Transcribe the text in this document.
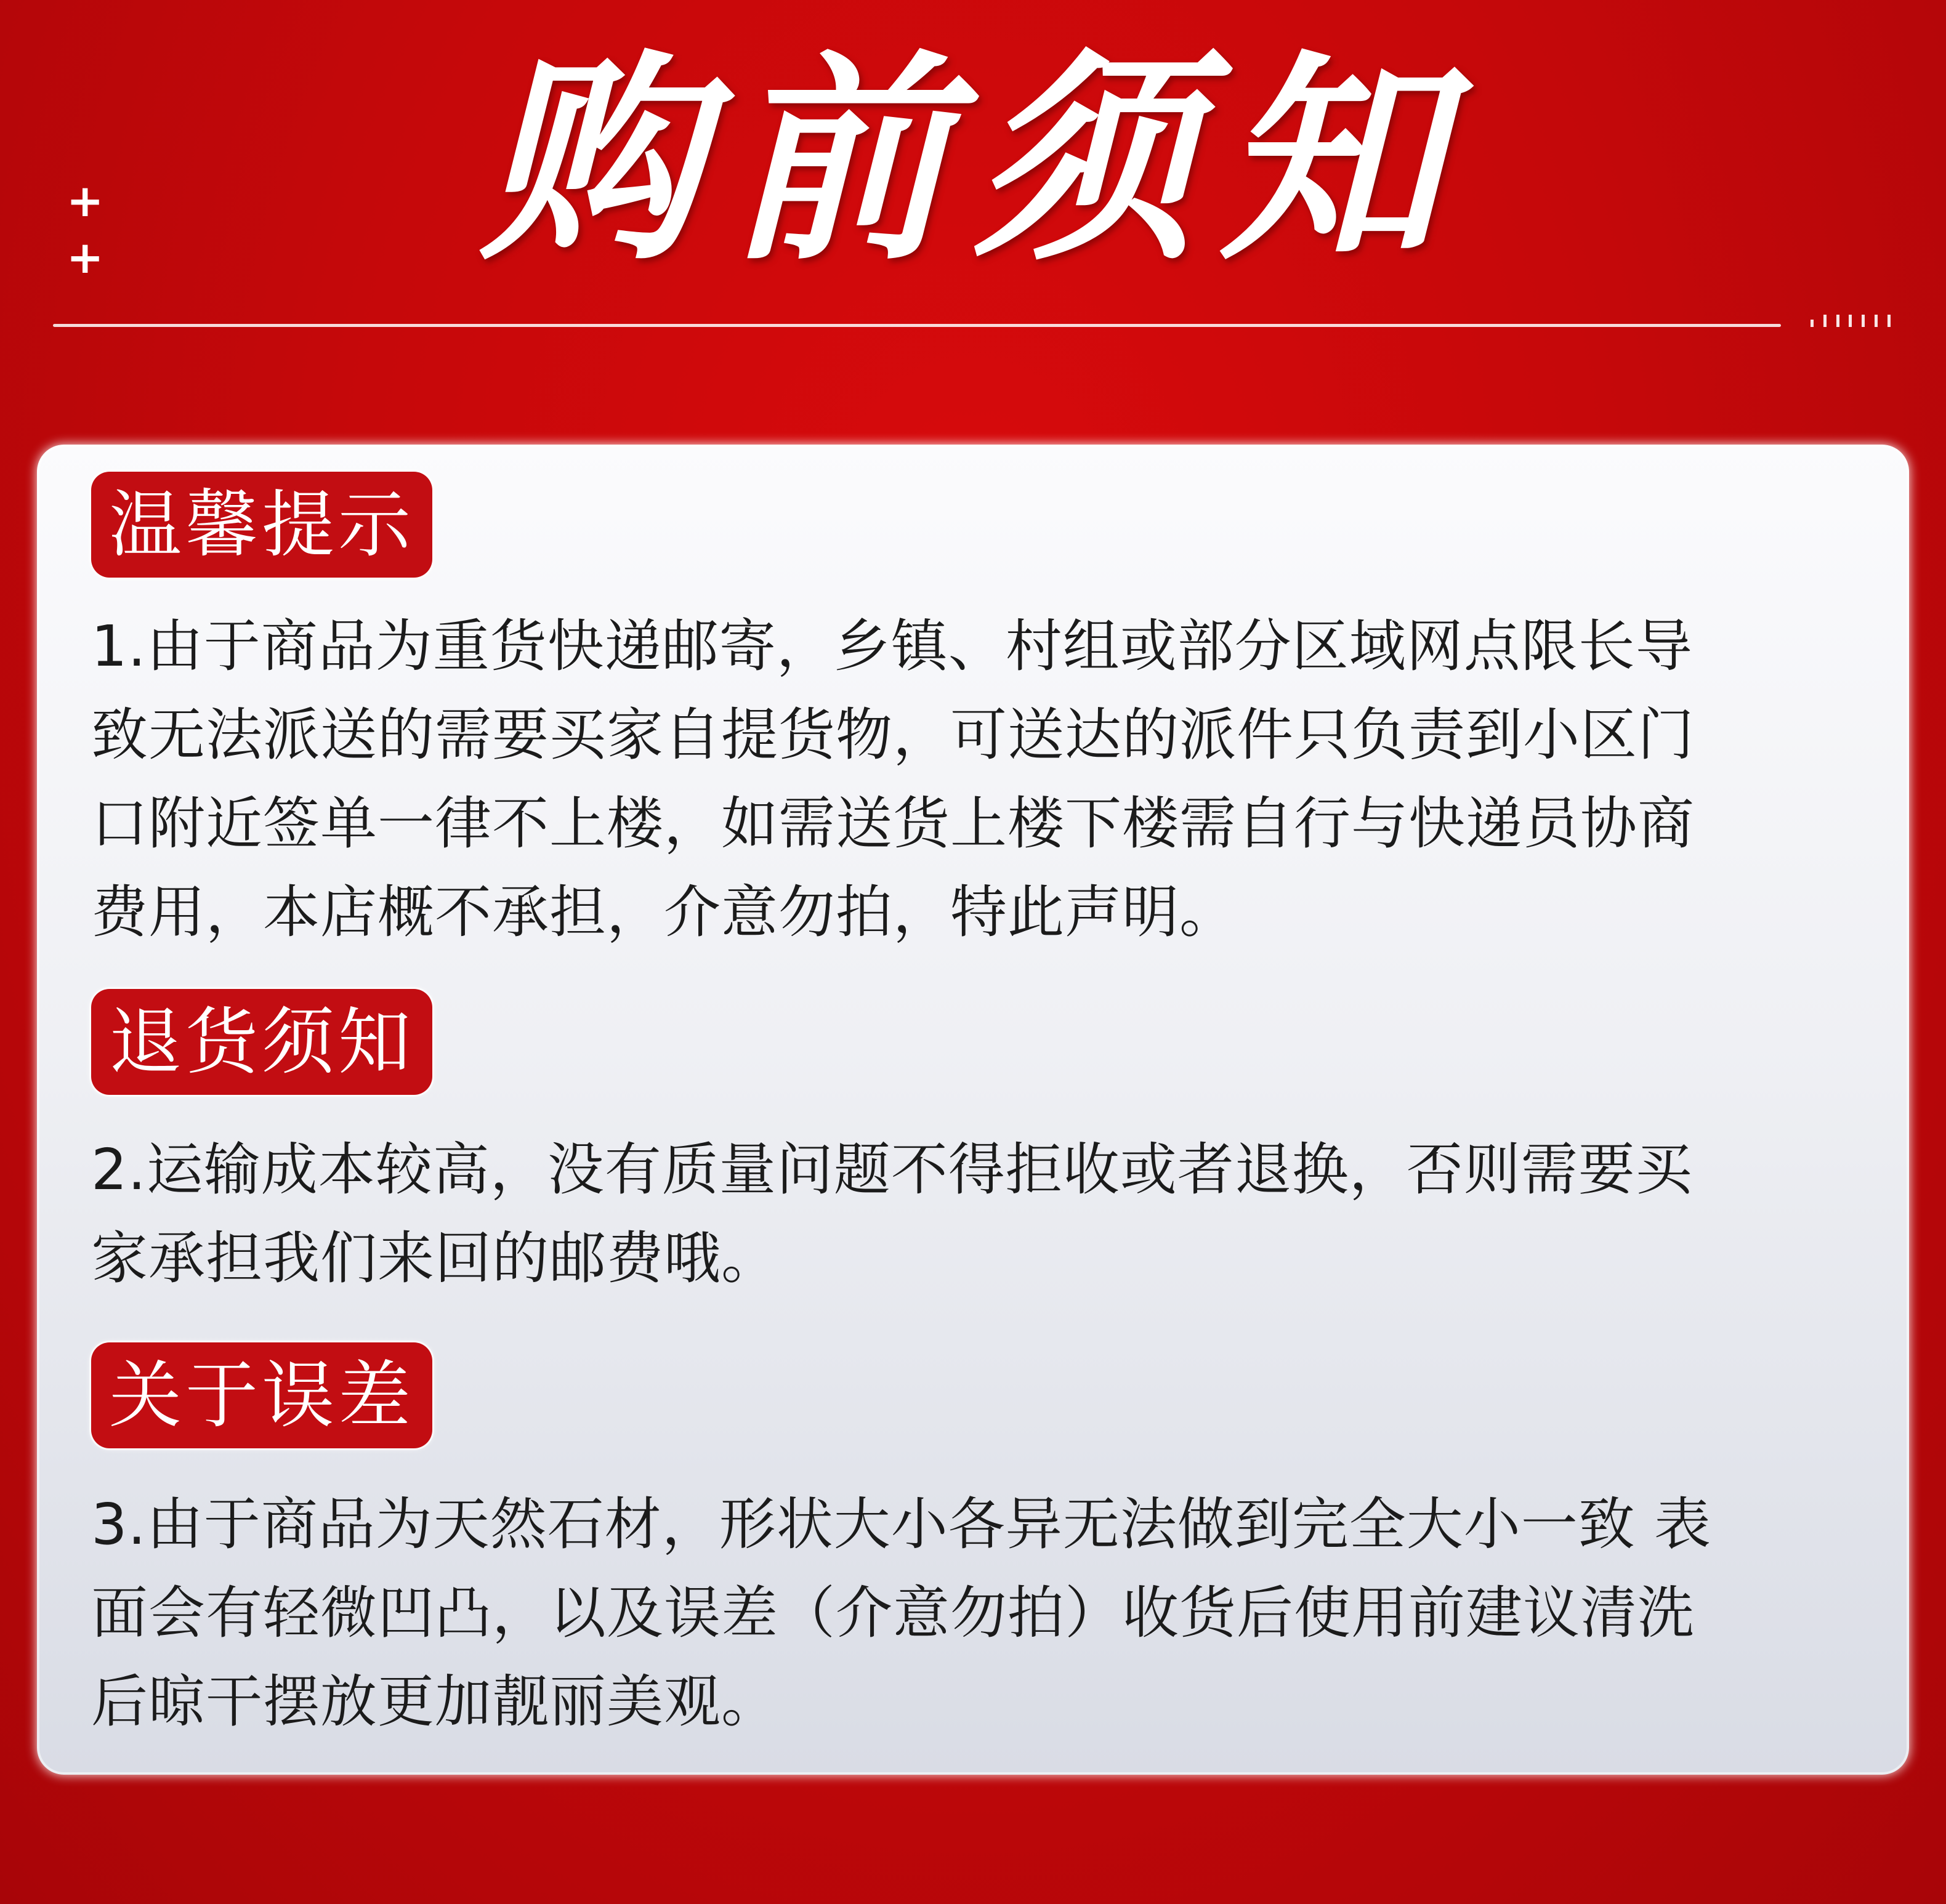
购前须知
+
+
温馨提示
1.由于商品为重货快递邮寄，乡镇、村组或部分区域网点限长导
致无法派送的需要买家自提货物，可送达的派件只负责到小区门
口附近签单一律不上楼，如需送货上楼下楼需自行与快递员协商
费用，本店概不承担，介意勿拍，特此声明。
退货须知
2.运输成本较高，没有质量问题不得拒收或者退换，否则需要买
家承担我们来回的邮费哦。
关于误差
3.由于商品为天然石材，形状大小各异无法做到完全大小一致 表
面会有轻微凹凸，以及误差（介意勿拍）收货后使用前建议清洗
后晾干摆放更加靓丽美观。
